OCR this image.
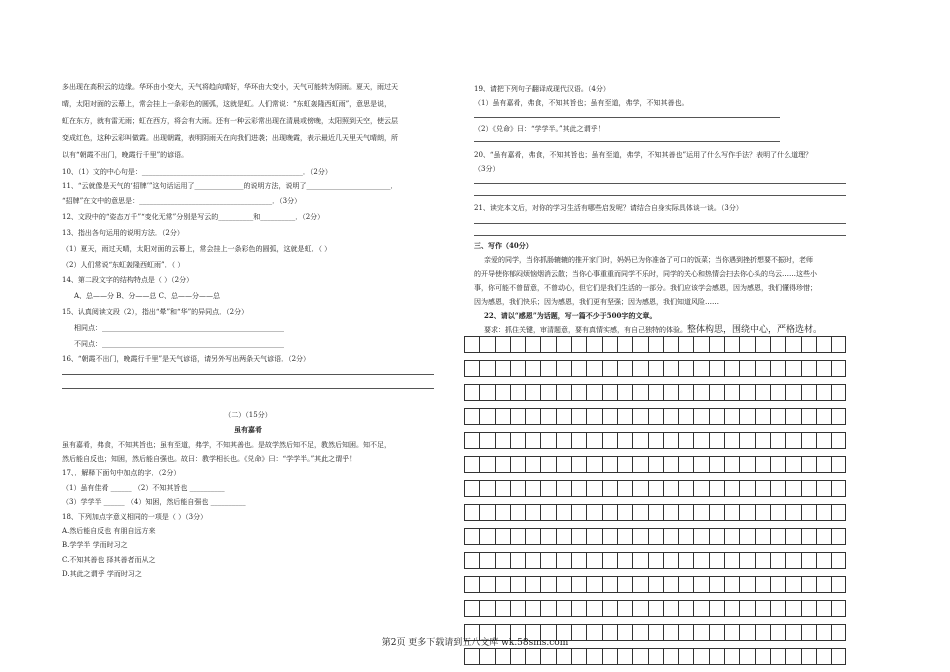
多出现在高积云的边缘。华环由小变大，天气将趋向晴好，华环由大变小，天气可能转为阴雨。夏天，雨过天
晴，太阳对面的云幕上，常会挂上一条彩色的圆弧，这就是虹。人们常说：“东虹轰隆西虹雨”，意思是说，
虹在东方，就有雷无雨；虹在西方，将会有大雨。还有一种云彩常出现在清晨或傍晚，太阳照到天空，使云层
变成红色，这种云彩叫做霞。出现朝霞，表明阴雨天在向我们进袭；出现晚霞，表示最近几天里天气晴朗，所
以有“朝霞不出门，晚霞行千里”的谚语。
10、（1）文的中心句是：______________________________________________．（2分）
11、“云就像是天气的‘招牌’”这句话运用了______________的说明方法，说明了________________________．
“招牌”在文中的意思是：______________________________________．（3分）
12、文段中的“姿态万千”“变化无常”分别是写云的__________和__________．（2分）
13、指出各句运用的说明方法．（2分）
（1）夏天，雨过天晴，太阳对面的云幕上，常会挂上一条彩色的圆弧，这就是虹．（ ）
（2）人们常说“东虹轰隆西虹雨”．（ ）
14、第二段文字的结构特点是（ ）（2分）
A、总——分 B、分——总 C、总——分——总
15、认真阅读文段（2），指出“晕”和“华”的异同点．（2分）
相同点：____________________________________________________
不同点：____________________________________________________
16、“朝霞不出门，晚霞行千里”是天气谚语，请另外写出两条天气谚语．（2分）
（二）（15分）
虽有嘉肴
虽有嘉肴，弗食，不知其旨也；虽有至道，弗学，不知其善也。是故学然后知不足，教然后知困。知不足，
然后能自反也；知困，然后能自强也。故曰：教学相长也。《兑命》曰：“学学半。”其此之谓乎！
17、．解释下面句中加点的字．（2分）
（1）虽有佳肴 ______ （2）不知其旨也 __________
（3）学学半 ______ （4）知困，然后能自强也 __________
18、下列加点字意义相同的一项是（ ）（3分）
A.然后能自反也 有朋自远方来
B.学学半 学而时习之
C.不知其善也 择其善者而从之
D.其此之谓乎 学而时习之
19、请把下列句子翻译成现代汉语。（4分）
（1）虽有嘉肴，弗食，不知其旨也；虽有至道，弗学，不知其善也。
（2）《兑命》曰：“学学半。”其此之谓乎！
20、“虽有嘉肴，弗食，不知其旨也；虽有至道，弗学，不知其善也”运用了什么写作手法？表明了什么道理？
（3分）
21、读完本文后，对你的学习生活有哪些启发呢？请结合自身实际具体谈一谈。（3分）
三、写作（40分）
亲爱的同学，当你抓肠辘辘的推开家门时，妈妈已为你准备了可口的饭菜；当你遇到挫折想要不振时，老师
的开导使你郁闷烦恼烟消云散；当你心事重重而同学不乐时，同学的关心和热情会扫去你心头的乌云……这些小
事，你可能不曾留意，不曾动心，但它们是我们生活的一部分。我们应该学会感恩，因为感恩，我们懂得珍惜；
因为感恩，我们快乐；因为感恩，我们更有坚强；因为感恩，我们知道风险……
22、请以“感恩”为话题，写一篇不少于500字的文章。
要求：抓住关键，审清题意，要有真情实感，有自己独特的体验。整体构思，围绕中心，严格选材。
第2页 更多下载请到五八文库 wk.58sms.com
